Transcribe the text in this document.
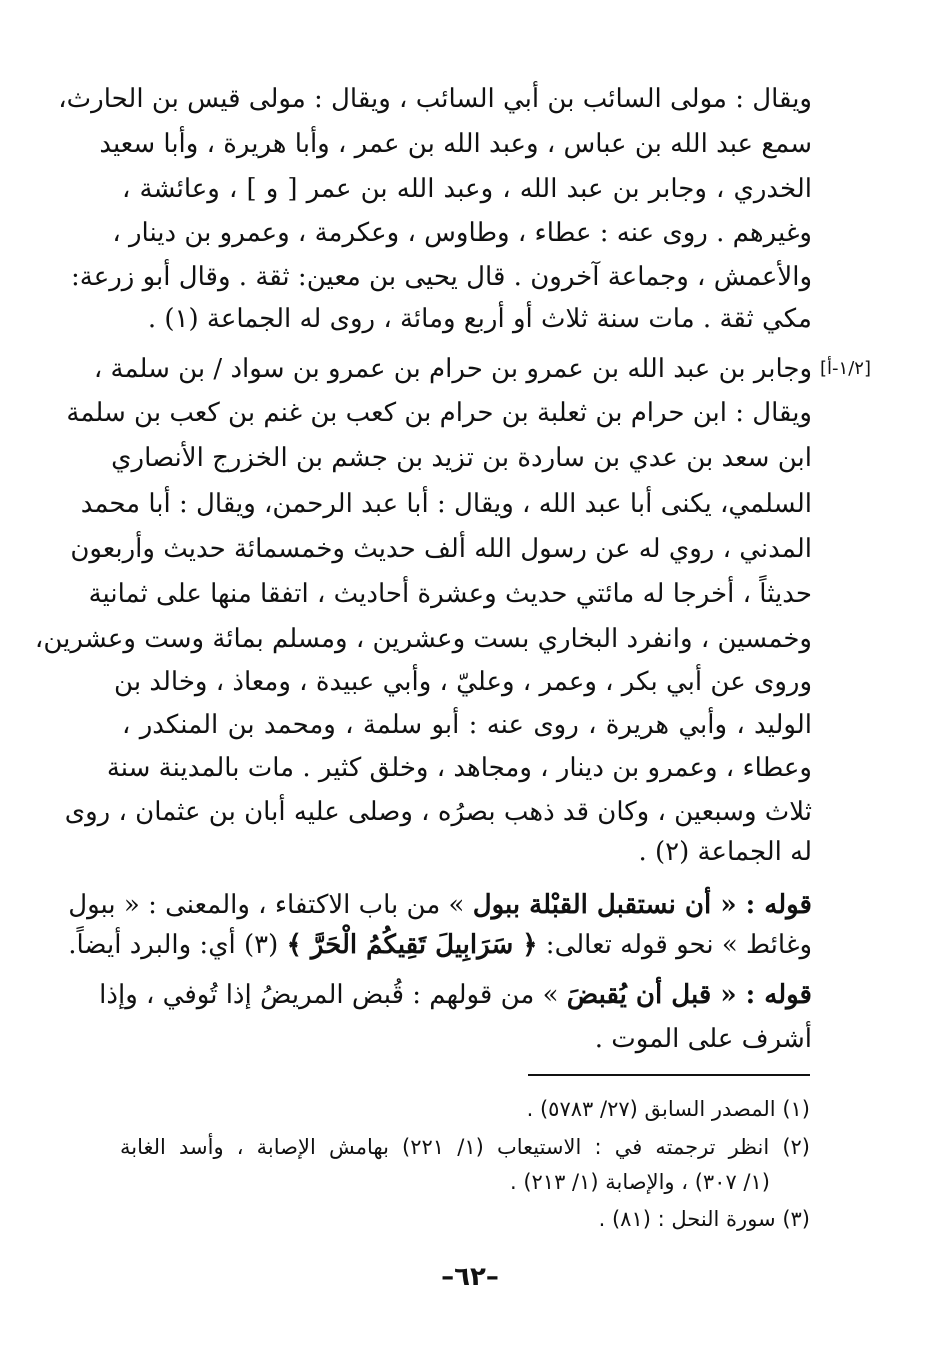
ويقال : مولى السائب بن أبي السائب ، ويقال : مولى قيس بن الحارث،
سمع عبد الله بن عباس ، وعبد الله بن عمر ، وأبا هريرة ، وأبا سعيد
الخدري ، وجابر بن عبد الله ، وعبد الله بن عمر [ و ] ، وعائشة ،
وغيرهم . روى عنه : عطاء ، وطاوس ، وعكرمة ، وعمرو بن دينار ،
والأعمش ، وجماعة آخرون . قال يحيى بن معين: ثقة . وقال أبو زرعة:
مكي ثقة . مات سنة ثلاث أو أربع ومائة ، روى له الجماعة (١) .
[١/٢-أ]
وجابر بن عبد الله بن عمرو بن حرام بن عمرو بن سواد / بن سلمة ،
ويقال : ابن حرام بن ثعلبة بن حرام بن كعب بن غنم بن كعب بن سلمة
ابن سعد بن عدي بن ساردة بن تزيد بن جشم بن الخزرج الأنصاري
السلمي، يكنى أبا عبد الله ، ويقال : أبا عبد الرحمن، ويقال : أبا محمد
المدني ، روي له عن رسول الله ألف حديث وخمسمائة حديث وأربعون
حديثاً ، أخرجا له مائتي حديث وعشرة أحاديث ، اتفقا منها على ثمانية
وخمسين ، وانفرد البخاري بست وعشرين ، ومسلم بمائة وست وعشرين،
وروى عن أبي بكر ، وعمر ، وعليّ ، وأبي عبيدة ، ومعاذ ، وخالد بن
الوليد ، وأبي هريرة ، روى عنه : أبو سلمة ، ومحمد بن المنكدر ،
وعطاء ، وعمرو بن دينار ، ومجاهد ، وخلق كثير . مات بالمدينة سنة
ثلاث وسبعين ، وكان قد ذهب بصرُه ، وصلى عليه أبان بن عثمان ، روى
له الجماعة (٢) .
قوله : « أن نستقبل القبْلة ببول » من باب الاكتفاء ، والمعنى : « ببول
وغائط » نحو قوله تعالى: ﴿ سَرَابِيلَ تَقِيكُمُ الْحَرَّ ﴾ (٣) أي: والبرد أيضاً.
قوله : « قبل أن يُقبضَ » من قولهم : قُبض المريضُ إذا تُوفي ، وإذا
أشرف على الموت .
(١) المصدر السابق (٢٧/ ٥٧٨٣) .
(٢) انظر ترجمته في : الاستيعاب (١/ ٢٢١) بهامش الإصابة ، وأسد الغابة
(١/ ٣٠٧) ، والإصابة (١/ ٢١٣) .
(٣) سورة النحل : (٨١) .
–٦٢–
